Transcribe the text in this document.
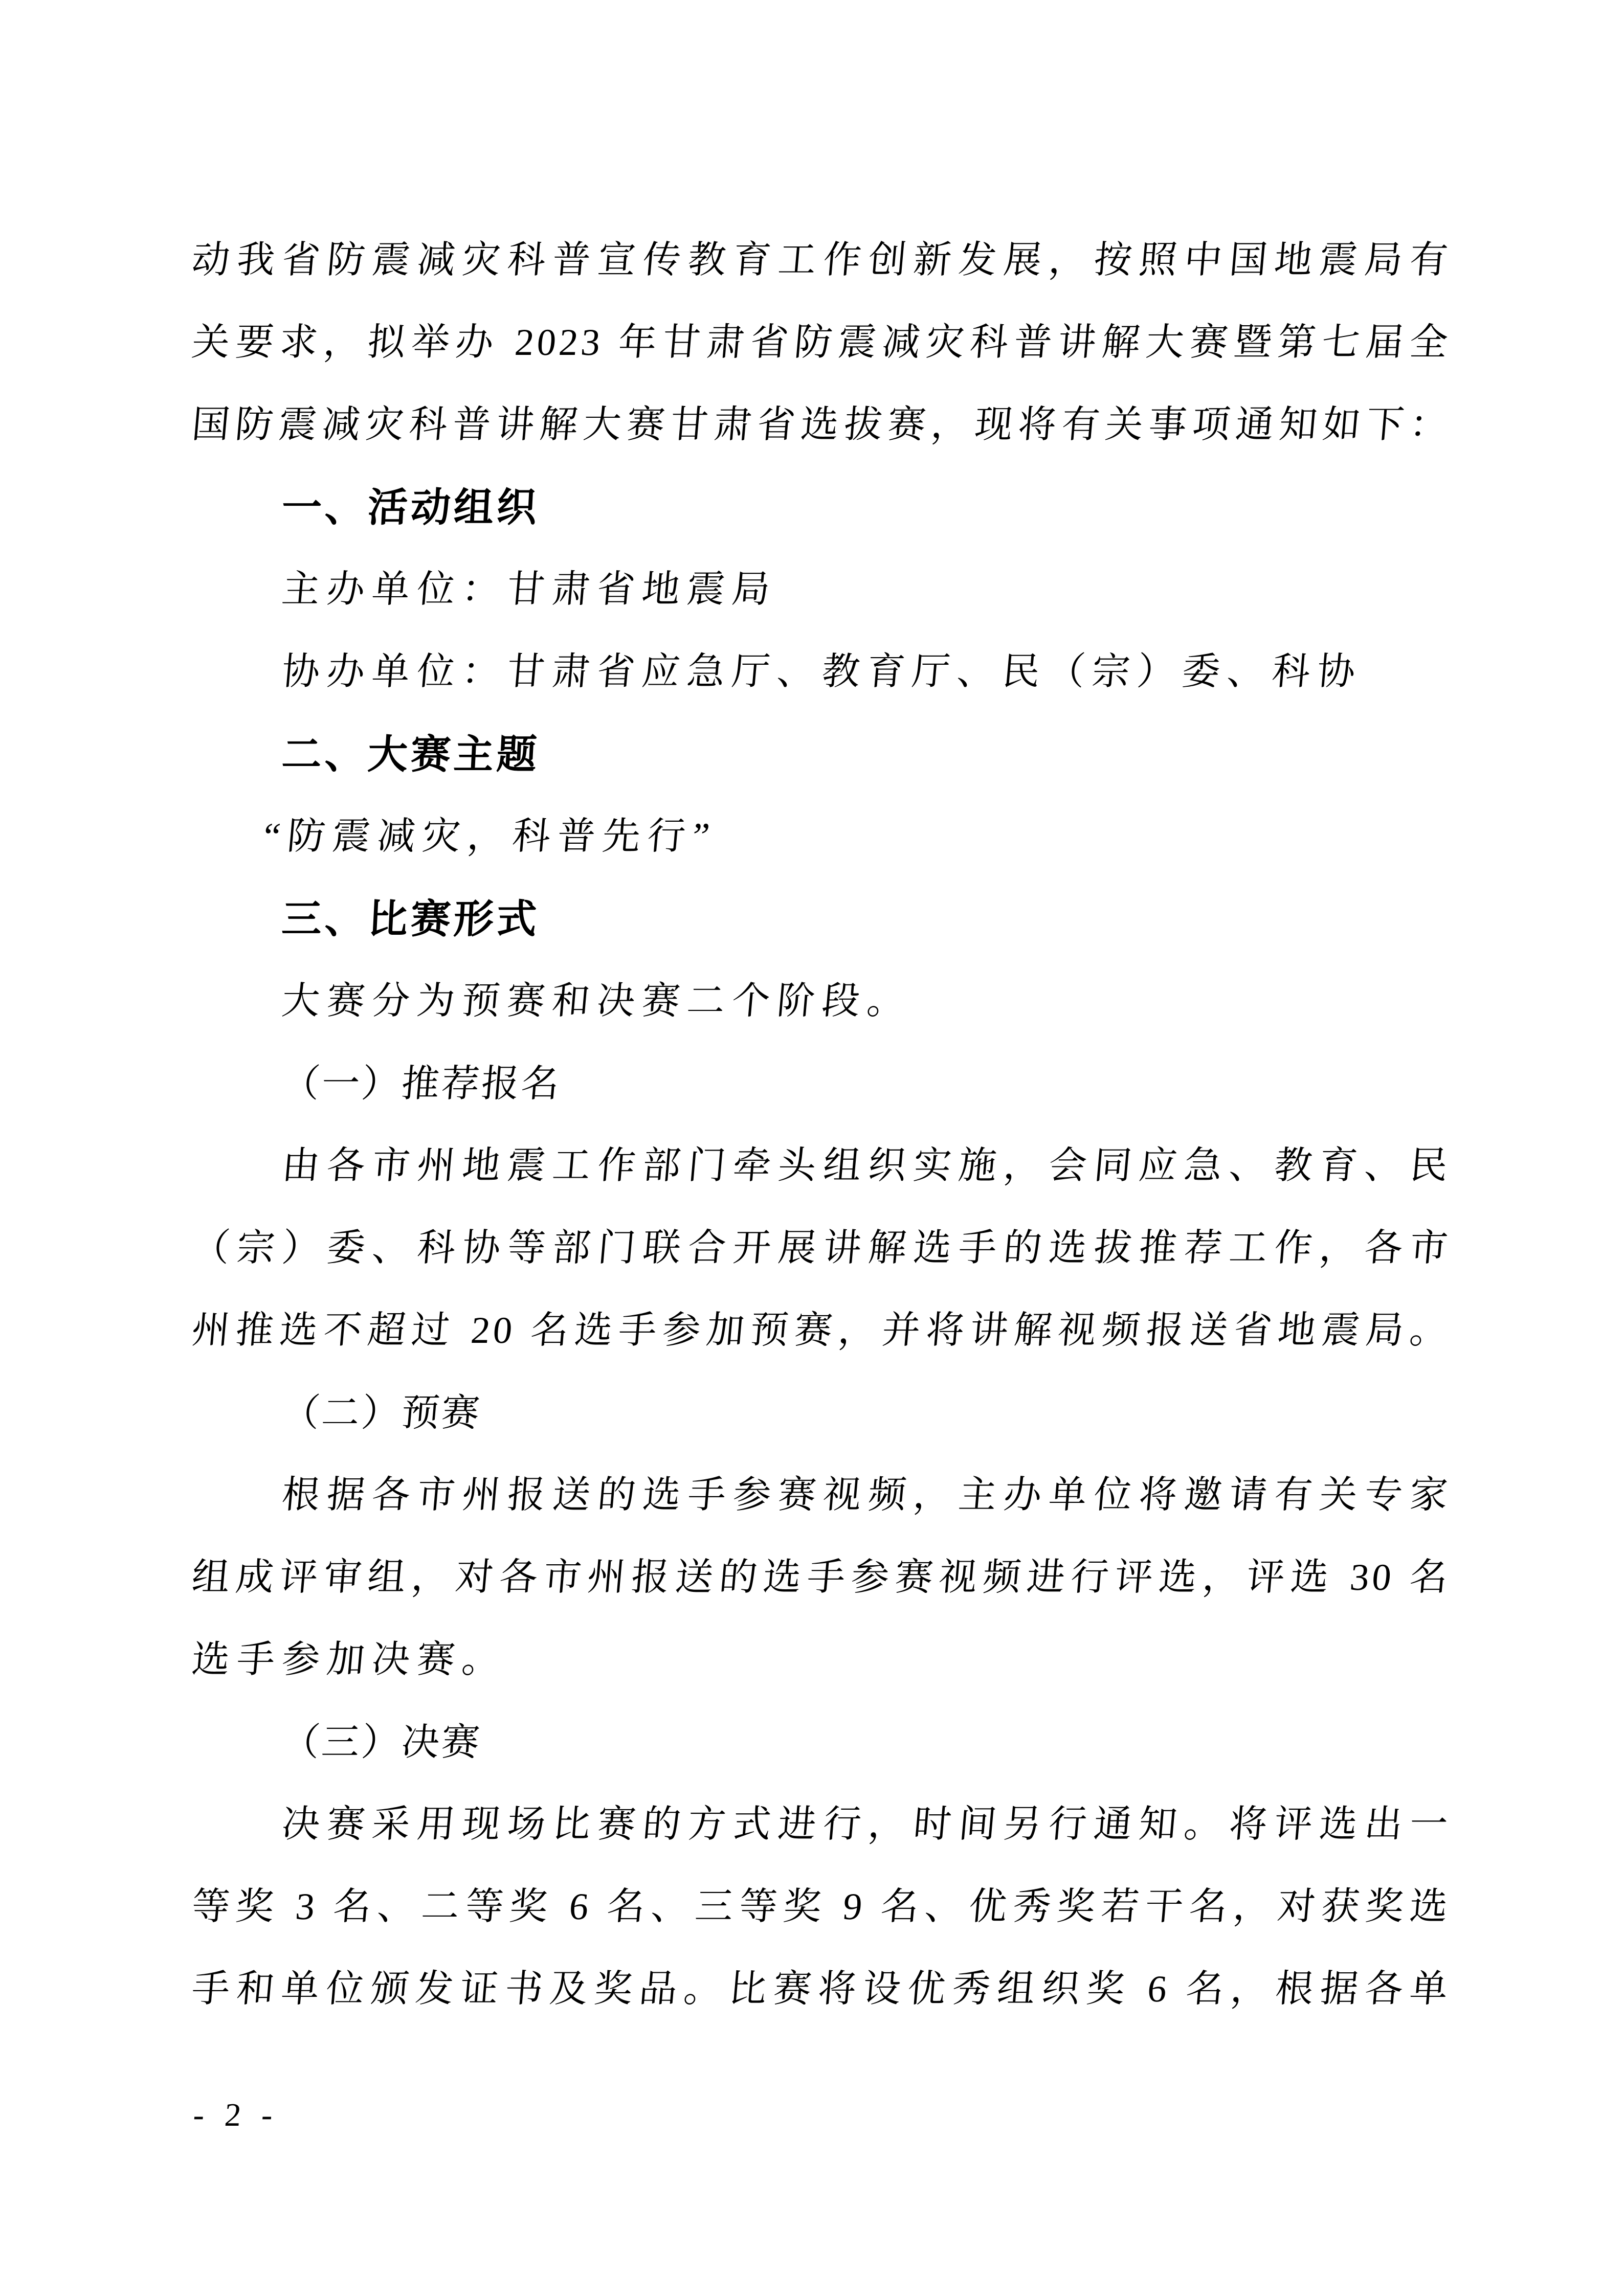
动我省防震减灾科普宣传教育工作创新发展，按照中国地震局有
关要求，拟举办 2023 年甘肃省防震减灾科普讲解大赛暨第七届全
国防震减灾科普讲解大赛甘肃省选拔赛，现将有关事项通知如下：
一、活动组织
主办单位：甘肃省地震局
协办单位：甘肃省应急厅、教育厅、民（宗）委、科协
二、大赛主题
“防震减灾，科普先行”
三、比赛形式
大赛分为预赛和决赛二个阶段。
（一）推荐报名
由各市州地震工作部门牵头组织实施，会同应急、教育、民
（宗）委、科协等部门联合开展讲解选手的选拔推荐工作，各市
州推选不超过 20 名选手参加预赛，并将讲解视频报送省地震局。
（二）预赛
根据各市州报送的选手参赛视频，主办单位将邀请有关专家
组成评审组，对各市州报送的选手参赛视频进行评选，评选 30 名
选手参加决赛。
（三）决赛
决赛采用现场比赛的方式进行，时间另行通知。将评选出一
等奖 3 名、二等奖 6 名、三等奖 9 名、优秀奖若干名，对获奖选
手和单位颁发证书及奖品。比赛将设优秀组织奖 6 名，根据各单
- 2 -
